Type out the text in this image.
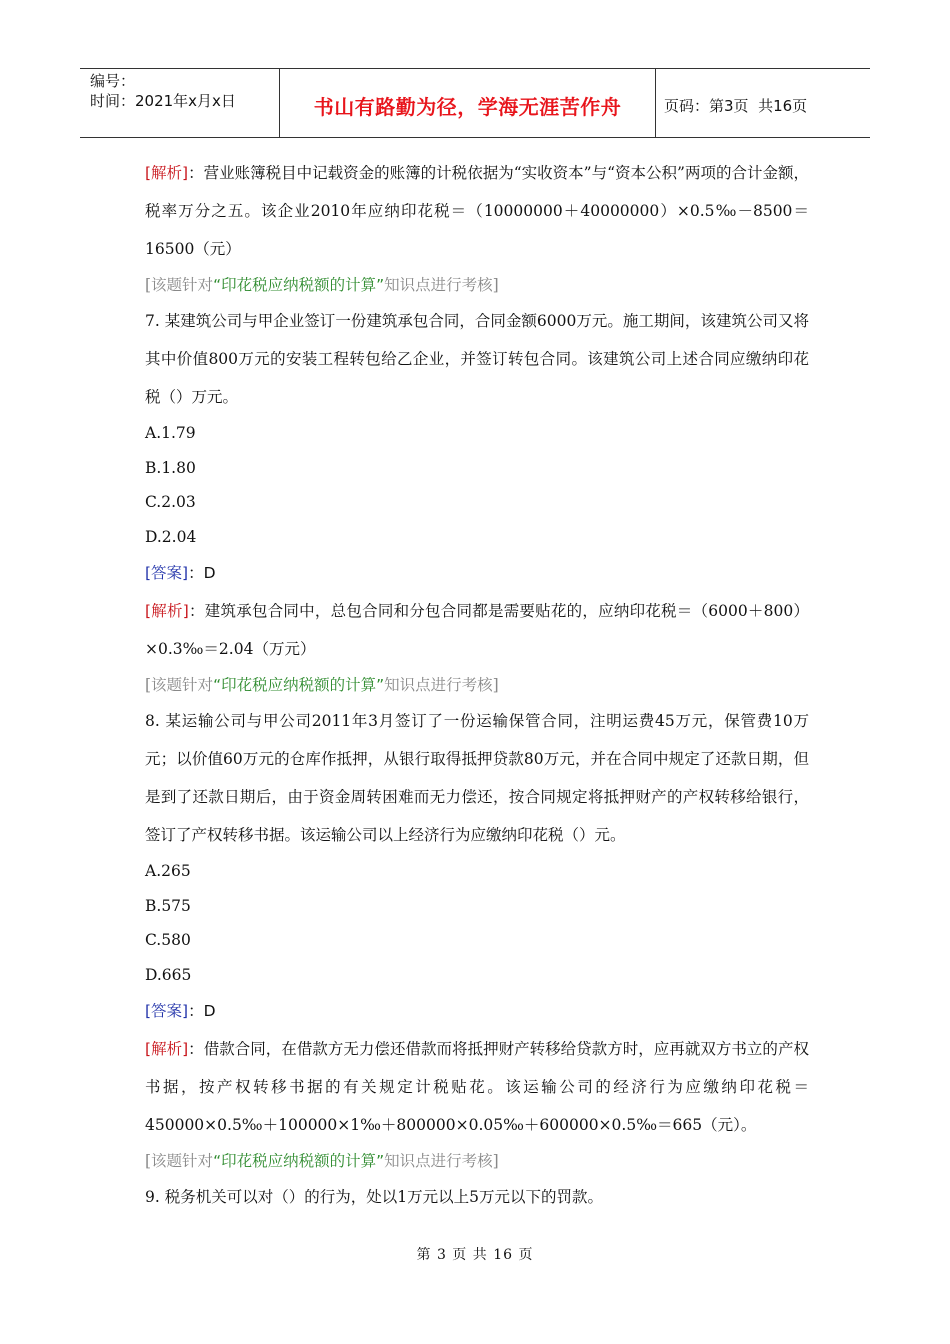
编号：
时间：2021年x月x日	书山有路勤为径，学海无涯苦作舟	页码：第3页  共16页

[解析]：营业账簿税目中记载资金的账簿的计税依据为“实收资本”与“资本公积”两项的合计金额，税率万分之五。该企业2010年应纳印花税＝（10000000＋40000000）×0.5‰－8500＝16500（元）

[该题针对“印花税应纳税额的计算”知识点进行考核]

7. 某建筑公司与甲企业签订一份建筑承包合同，合同金额6000万元。施工期间，该建筑公司又将其中价值800万元的安装工程转包给乙企业，并签订转包合同。该建筑公司上述合同应缴纳印花税（）万元。

A.1.79

B.1.80

C.2.03

D.2.04

[答案]：D

[解析]：建筑承包合同中，总包合同和分包合同都是需要贴花的，应纳印花税＝（6000＋800）×0.3‰＝2.04（万元）

[该题针对“印花税应纳税额的计算”知识点进行考核]

8. 某运输公司与甲公司2011年3月签订了一份运输保管合同，注明运费45万元，保管费10万元；以价值60万元的仓库作抵押，从银行取得抵押贷款80万元，并在合同中规定了还款日期，但是到了还款日期后，由于资金周转困难而无力偿还，按合同规定将抵押财产的产权转移给银行，签订了产权转移书据。该运输公司以上经济行为应缴纳印花税（）元。

A.265

B.575

C.580

D.665

[答案]：D

[解析]：借款合同，在借款方无力偿还借款而将抵押财产转移给贷款方时，应再就双方书立的产权书据，按产权转移书据的有关规定计税贴花。该运输公司的经济行为应缴纳印花税＝450000×0.5‰＋100000×1‰＋800000×0.05‰＋600000×0.5‰＝665（元）。

[该题针对“印花税应纳税额的计算”知识点进行考核]

9. 税务机关可以对（）的行为，处以1万元以上5万元以下的罚款。

第 3 页 共 16 页
